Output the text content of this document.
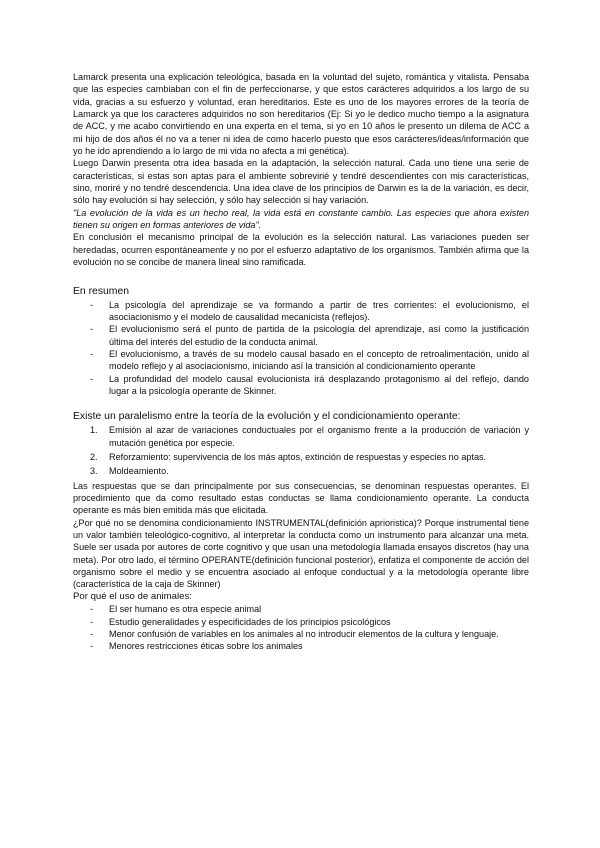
Lamarck presenta una explicación teleológica, basada en la voluntad del sujeto, romántica y vitalista. Pensaba que las especies cambiaban con el fin de perfeccionarse, y que estos carácteres adquiridos a los largo de su vida, gracias a su esfuerzo y voluntad, eran hereditarios. Este es uno de los mayores errores de la teoría de Lamarck ya que los caracteres adquiridos no son hereditarios (Ej: Si yo le dedico mucho tiempo a la asignatura de ACC, y me acabo convirtiendo en una experta en el tema, si yo en 10 años le presento un dilema de ACC a mi hijo de dos años él no va a tener ni idea de como hacerlo puesto que esos carácteres/ideas/información que yo he ido aprendiendo a lo largo de mi vida no afecta a mi genética).

Luego Darwin presenta otra idea basada en la adaptación, la selección natural. Cada uno tiene una serie de características, si estas son aptas para el ambiente sobrevirié y tendré descendientes con mis características, sino, moriré y no tendré descendencia. Una idea clave de los principios de Darwin es la de la variación, es decir, sólo hay evolución si hay selección, y sólo hay selección si hay variación.

"La evolución de la vida es un hecho real, la vida está en constante cambio. Las especies que ahora existen tienen su origen en formas anteriores de vida".

En conclusión el mecanismo principal de la evolución es la selección natural. Las variaciones pueden ser heredadas, ocurren espontáneamente y no por el esfuerzo adaptativo de los organismos. También afirma que la evolución no se concibe de manera lineal sino ramificada.

En resumen

- La psicología del aprendizaje se va formando a partir de tres corrientes: el evolucionismo, el asociacionismo y el modelo de causalidad mecanicista (reflejos).
- El evolucionismo será el punto de partida de la psicología del aprendizaje, así como la justificación última del interés del estudio de la conducta animal.
- El evolucionismo, a través de su modelo causal basado en el concepto de retroalimentación, unido al modelo reflejo y al asociacionismo, iniciando así la transición al condicionamiento operante
- La profundidad del modelo causal evolucionista irá desplazando protagonismo al del reflejo, dando lugar a la psicología operante de Skinner.

Existe un paralelismo entre la teoría de la evolución y el condicionamiento operante:

1. Emisión al azar de variaciones conductuales por el organismo frente a la producción de variación y mutación genética por especie.
2. Reforzamiento: supervivencia de los más aptos, extinción de respuestas y especies no aptas.
3. Moldeamiento.

Las respuestas que se dan principalmente por sus consecuencias, se denominan respuestas operantes. El procedimiento que da como resultado estas conductas se llama condicionamiento operante. La conducta operante es más bien emitida más que elicitada.

¿Por qué no se denomina condicionamiento INSTRUMENTAL(definición aprioristica)? Porque instrumental tiene un valor también teleológico-cognitivo, al interpretar la conducta como un instrumento para alcanzar una meta. Suele ser usada por autores de corte cognitivo y que usan una metodología llamada ensayos discretos (hay una meta). Por otro lado, el término OPERANTE(definición funcional posterior), enfatiza el componente de acción del organismo sobre el medio y se encuentra asociado al enfoque conductual y a la metodología operante libre (característica de la caja de Skinner)

Por qué el uso de animales:

- El ser humano es otra especie animal
- Estudio generalidades y especificidades de los principios psicológicos
- Menor confusión de variables en los animales al no introducir elementos de la cultura y lenguaje.
- Menores restricciones éticas sobre los animales
